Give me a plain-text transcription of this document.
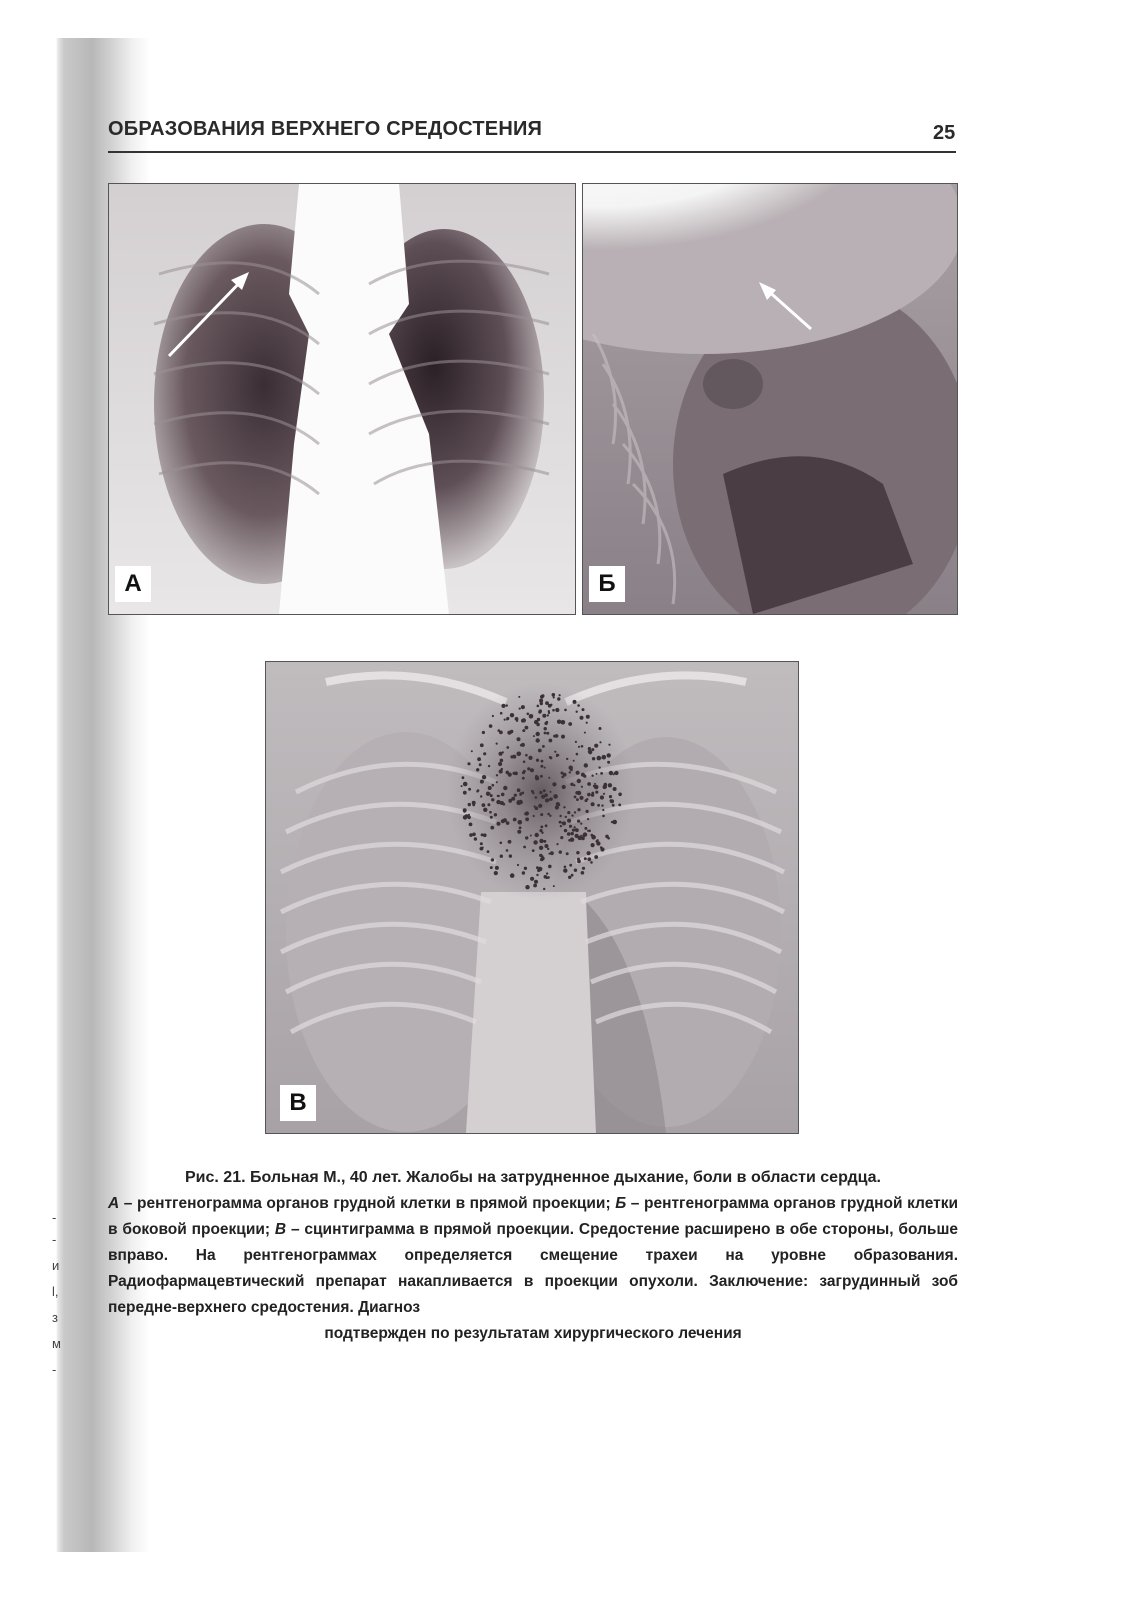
ОБРАЗОВАНИЯ ВЕРХНЕГО СРЕДОСТЕНИЯ	25
А	Б
В
Рис. 21. Больная М., 40 лет. Жалобы на затрудненное дыхание, боли в области сердца.
А – рентгенограмма органов грудной клетки в прямой проекции; Б – рентгенограмма органов грудной клетки в боковой проекции; В – сцинтиграмма в прямой проекции. Средостение расширено в обе стороны, больше вправо. На рентгенограммах определяется смещение трахеи на уровне образования. Радиофармацевтический препарат накапливается в проекции опухоли. Заключение: загрудинный зоб передне-верхнего средостения. Диагноз
подтвержден по результатам хирургического лечения
-
-
и
l,
з
м
-
